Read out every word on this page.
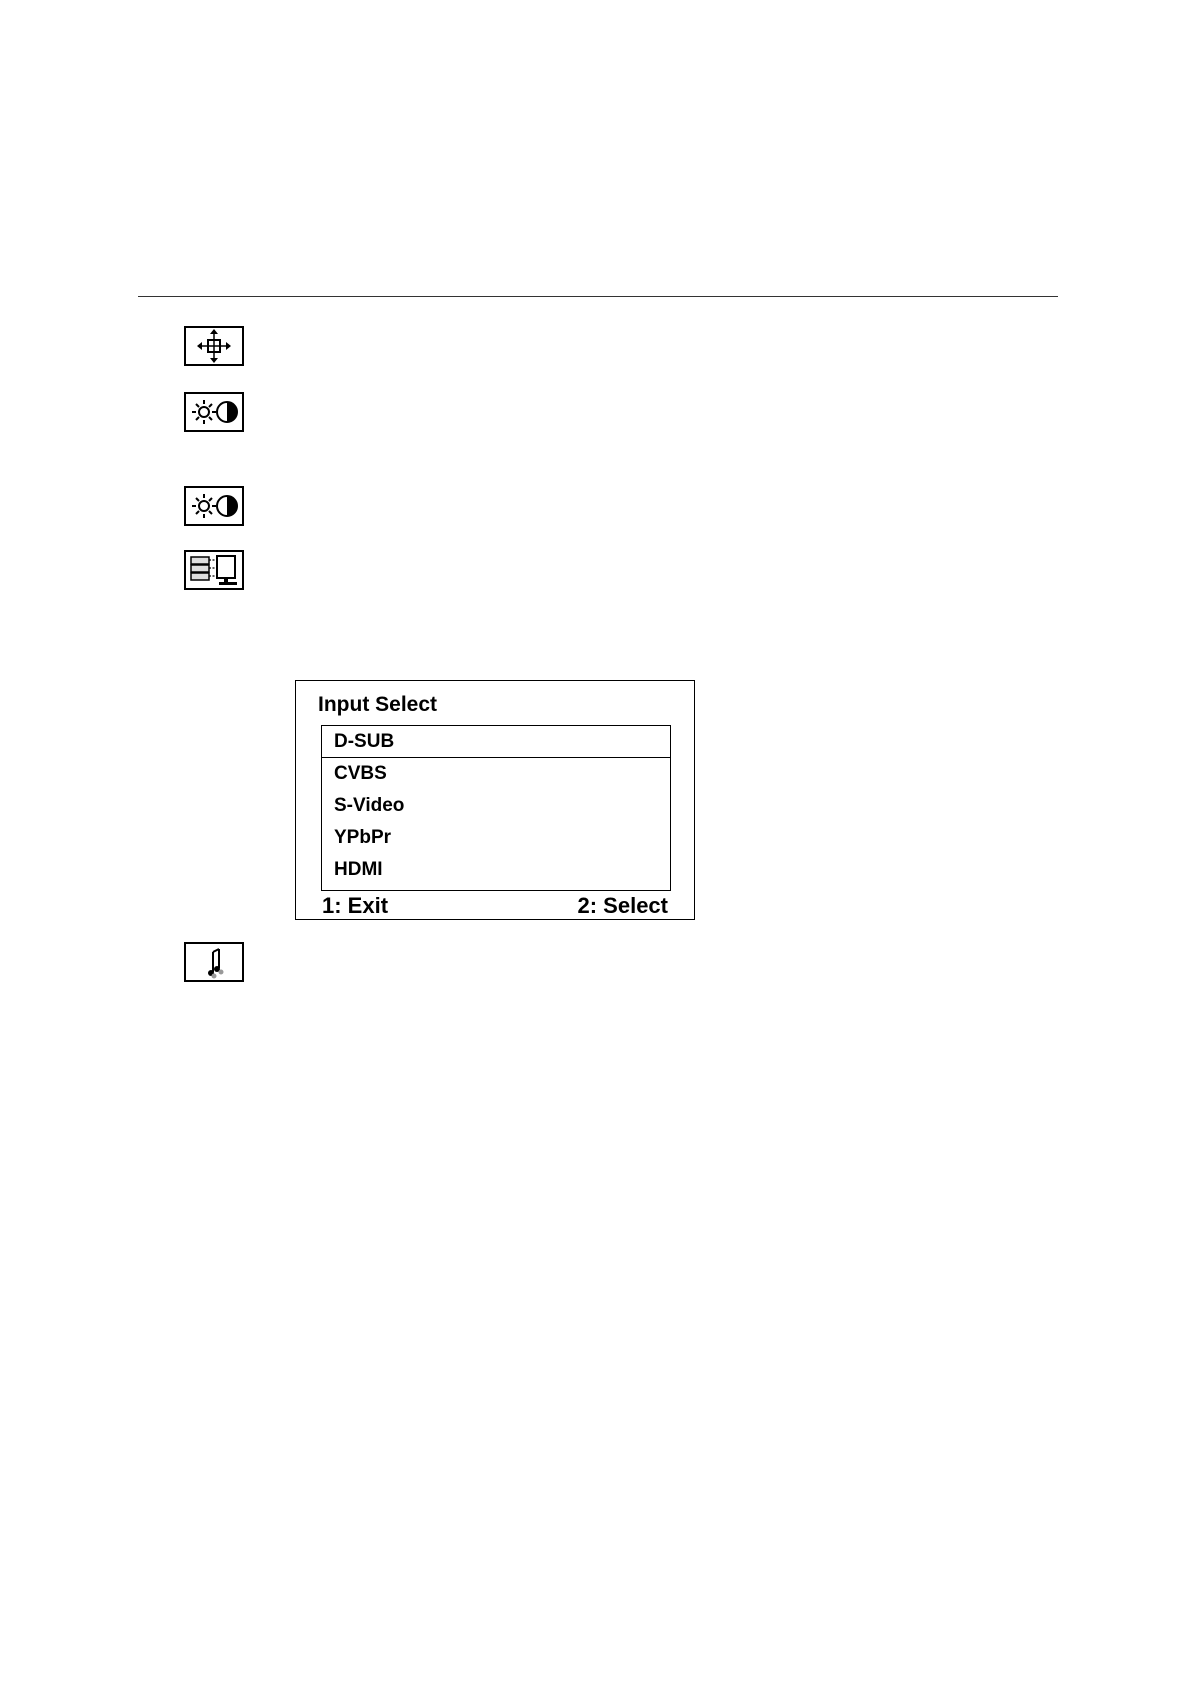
Input Select
D-SUB
CVBS
S-Video
YPbPr
HDMI
1: Exit	2: Select
